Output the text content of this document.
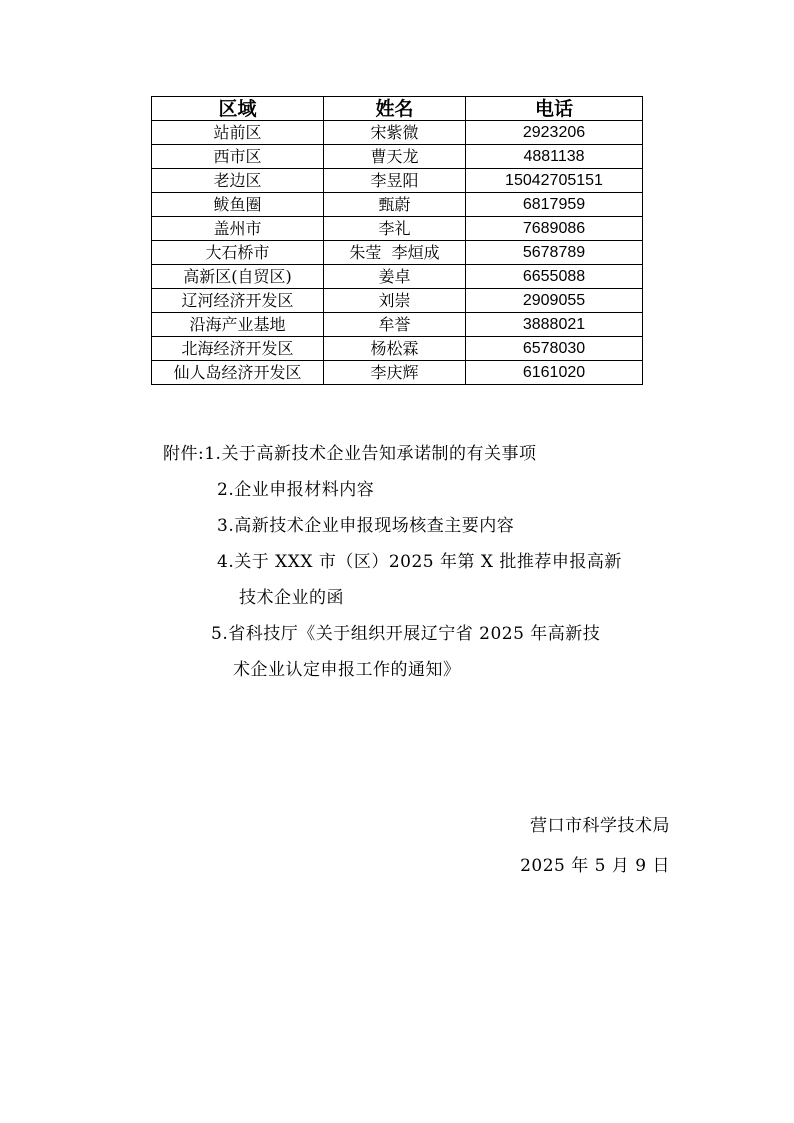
区域	姓名	电话
站前区	宋紫微	2923206
西市区	曹天龙	4881138
老边区	李昱阳	15042705151
鲅鱼圈	甄蔚	6817959
盖州市	李礼	7689086
大石桥市	朱莹  李烜成	5678789
高新区(自贸区)	姜卓	6655088
辽河经济开发区	刘崇	2909055
沿海产业基地	牟誉	3888021
北海经济开发区	杨松霖	6578030
仙人岛经济开发区	李庆辉	6161020
附件:1.关于高新技术企业告知承诺制的有关事项
2.企业申报材料内容
3.高新技术企业申报现场核查主要内容
4.关于 XXX 市（区）2025 年第 X 批推荐申报高新
技术企业的函
5.省科技厅《关于组织开展辽宁省 2025 年高新技
术企业认定申报工作的通知》
营口市科学技术局
2025 年 5 月 9 日
